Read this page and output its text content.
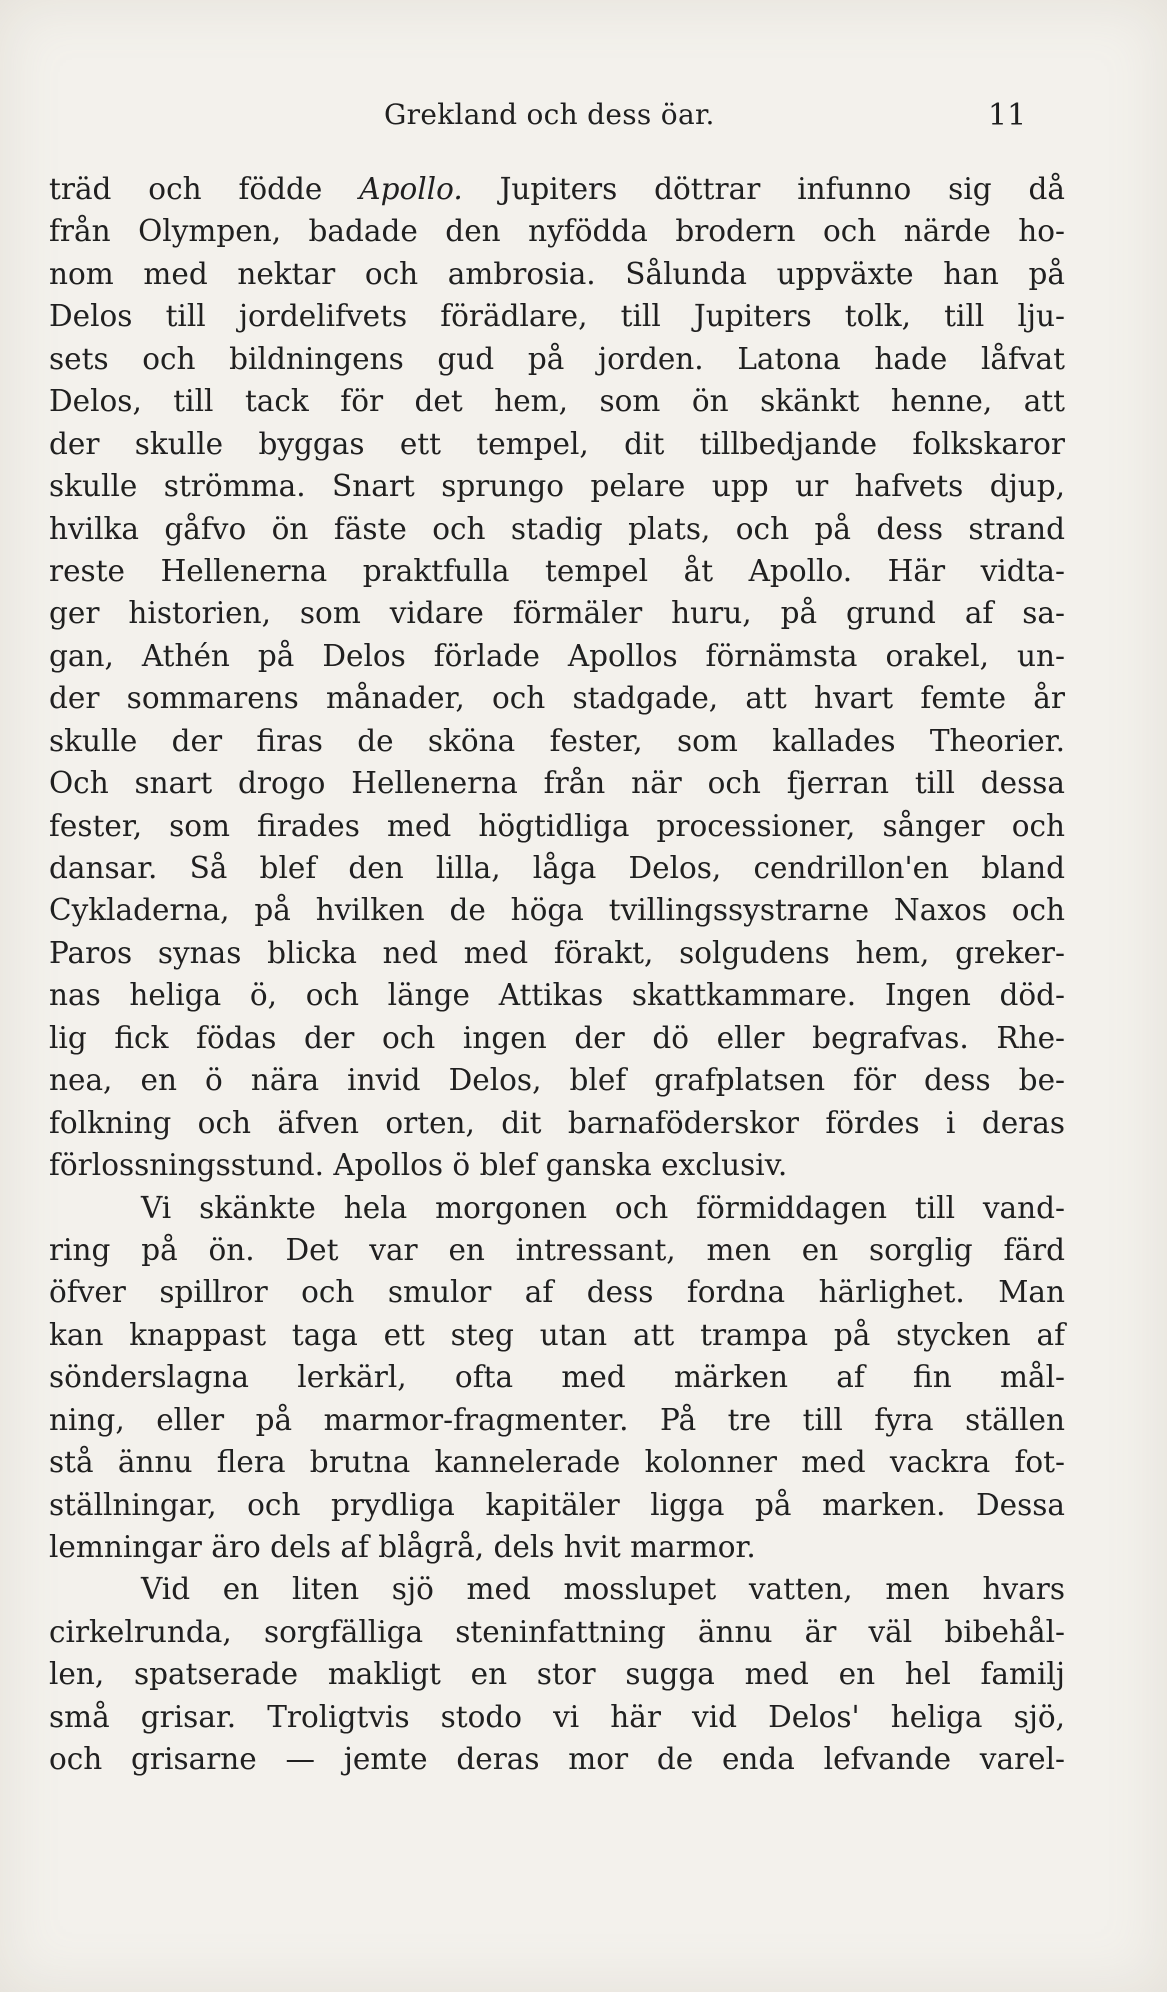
Grekland och dess öar.	11
träd och födde Apollo. Jupiters döttrar infunno sig då
från Olympen, badade den nyfödda brodern och närde ho-
nom med nektar och ambrosia. Sålunda uppväxte han på
Delos till jordelifvets förädlare, till Jupiters tolk, till lju-
sets och bildningens gud på jorden. Latona hade låfvat
Delos, till tack för det hem, som ön skänkt henne, att
der skulle byggas ett tempel, dit tillbedjande folkskaror
skulle strömma. Snart sprungo pelare upp ur hafvets djup,
hvilka gåfvo ön fäste och stadig plats, och på dess strand
reste Hellenerna praktfulla tempel åt Apollo. Här vidta-
ger historien, som vidare förmäler huru, på grund af sa-
gan, Athén på Delos förlade Apollos förnämsta orakel, un-
der sommarens månader, och stadgade, att hvart femte år
skulle der firas de sköna fester, som kallades Theorier.
Och snart drogo Hellenerna från när och fjerran till dessa
fester, som firades med högtidliga processioner, sånger och
dansar. Så blef den lilla, låga Delos, cendrillon'en bland
Cykladerna, på hvilken de höga tvillingssystrarne Naxos och
Paros synas blicka ned med förakt, solgudens hem, greker-
nas heliga ö, och länge Attikas skattkammare. Ingen död-
lig fick födas der och ingen der dö eller begrafvas. Rhe-
nea, en ö nära invid Delos, blef grafplatsen för dess be-
folkning och äfven orten, dit barnaföderskor fördes i deras
förlossningsstund. Apollos ö blef ganska exclusiv.
Vi skänkte hela morgonen och förmiddagen till vand-
ring på ön. Det var en intressant, men en sorglig färd
öfver spillror och smulor af dess fordna härlighet. Man
kan knappast taga ett steg utan att trampa på stycken af
sönderslagna lerkärl, ofta med märken af fin mål-
ning, eller på marmor-fragmenter. På tre till fyra ställen
stå ännu flera brutna kannelerade kolonner med vackra fot-
ställningar, och prydliga kapitäler ligga på marken. Dessa
lemningar äro dels af blågrå, dels hvit marmor.
Vid en liten sjö med mosslupet vatten, men hvars
cirkelrunda, sorgfälliga steninfattning ännu är väl bibehål-
len, spatserade makligt en stor sugga med en hel familj
små grisar. Troligtvis stodo vi här vid Delos' heliga sjö,
och grisarne — jemte deras mor de enda lefvande varel-
